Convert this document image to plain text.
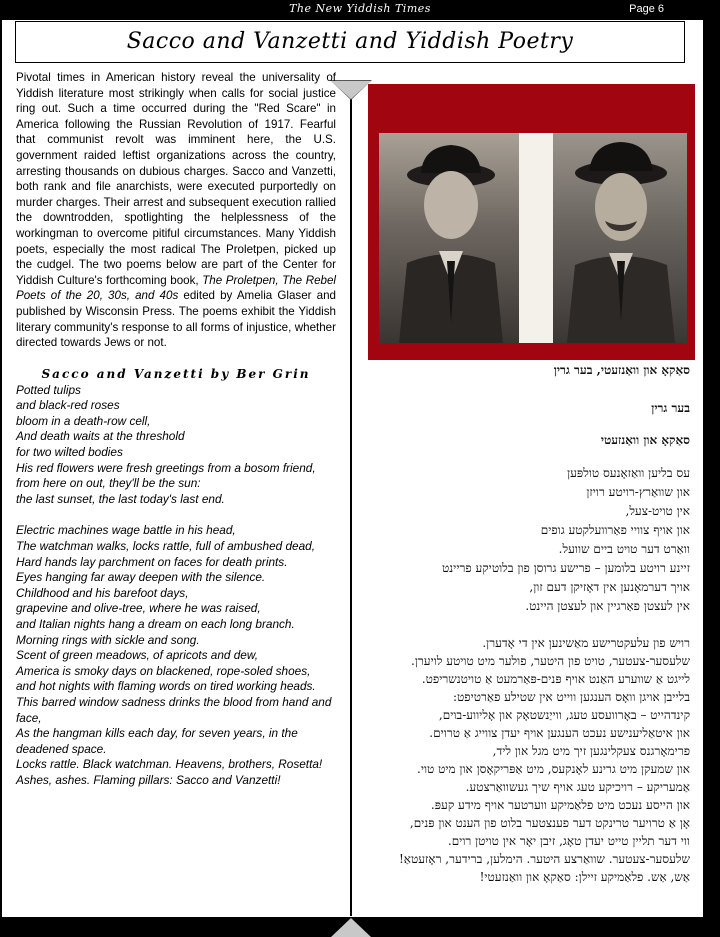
The New Yiddish Times	Page 6
Sacco and Vanzetti and Yiddish Poetry

Pivotal times in American history reveal the universality of Yiddish literature most strikingly when calls for social justice ring out. Such a time occurred during the "Red Scare" in America following the Russian Revolution of 1917. Fearful that communist revolt was imminent here, the U.S. government raided leftist organizations across the country, arresting thousands on dubious charges. Sacco and Vanzetti, both rank and file anarchists, were executed purportedly on murder charges. Their arrest and subsequent execution rallied the downtrodden, spotlighting the helplessness of the workingman to overcome pitiful circumstances. Many Yiddish poets, especially the most radical The Proletpen, picked up the cudgel. The two poems below are part of the Center for Yiddish Culture's forthcoming book, The Proletpen, The Rebel Poets of the 20, 30s, and 40s edited by Amelia Glaser and published by Wisconsin Press. The poems exhibit the Yiddish literary community's response to all forms of injustice, whether directed towards Jews or not.

Sacco and Vanzetti by Ber Grin
Potted tulips
and black-red roses
bloom in a death-row cell,
And death waits at the threshold
for two wilted bodies
His red flowers were fresh greetings from a bosom friend,
from here on out, they'll be the sun:
the last sunset, the last today's last end.
Electric machines wage battle in his head,
The watchman walks, locks rattle, full of ambushed dead,
Hard hands lay parchment on faces for death prints.
Eyes hanging far away deepen with the silence.
Childhood and his barefoot days,
grapevine and olive-tree, where he was raised,
and Italian nights hang a dream on each long branch. Morning rings with sickle and song.
Scent of green meadows, of apricots and dew,
America is smoky days on blackened, rope-soled shoes,
and hot nights with flaming words on tired working heads.
This barred window sadness drinks the blood from hand and face,
As the hangman kills each day, for seven years, in the deadened space.
Locks rattle. Black watchman. Heavens, brothers, Rosetta!
Ashes, ashes. Flaming pillars: Sacco and Vanzetti!
סאַקאָ און וואַנזעטי, בער גרין
בער גרין
סאַקאָ און וואַנזעטי
עס בליען וואַזאָנעס טולפּען
און שוואַרץ-רויטע רויזן
אין טויט-צעל,
און אויף צוויי פאַרוועלקטע גופים
וואַרט דער טויט ביים שוועל.
זיינע רויטע בלומען – פרישע גרוסן פון בלוטיקע פריינט
אויך דערמאָנען אין דאָזיקן דעם זון,
אין לעצטן פאַרגיין און לעצטן היינט.
רויש פון עלעקטרישע מאַשינען אין די אָדערן.
שלעסער-צעטער, טויט פון היטער, פולער מיט טויטע לויערן.
לייגט אַ שווערע האַנט אויף פּנים-פּאַרמעט אַ טויטנשריפט.
בלייבן אויגן וואָס הענגען ווייט אין שטילע פאַרטיפט:
קינדהייט – באָרוועסע טעג, ווייַנשטאָק און אָליווע-בוים,
און איטאַליענישע נעכט הענגען אויף יעדן צווייג אַ טרוים.
פרימאָרגנס צעקלינגען זיך מיט מגל און ליד,
און שמעקן מיט גרינע לאָנקעס, מיט אַפּריקאָסן און מיט טוי.
אַמעריקע – רויכיקע טעג אויף שיך געשוואַרצטע.
און הייסע נעכט מיט פלאַמיקע ווערטער אויף מידע קעפּ.
אָן אַ טרויער טרינקט דער פענצטער בלוט פון הענט און פּנים,
ווי דער תליין טייט יעדן טאָג, זיבן יאָר אין טויטן רוים.
שלעסער-צעטער. שוואַרצע היטער. הימלען, ברידער, ראָזעטאַ!
אַש, אַש. פלאַמיקע זיילן: סאַקאָ און וואַנזעטי!
